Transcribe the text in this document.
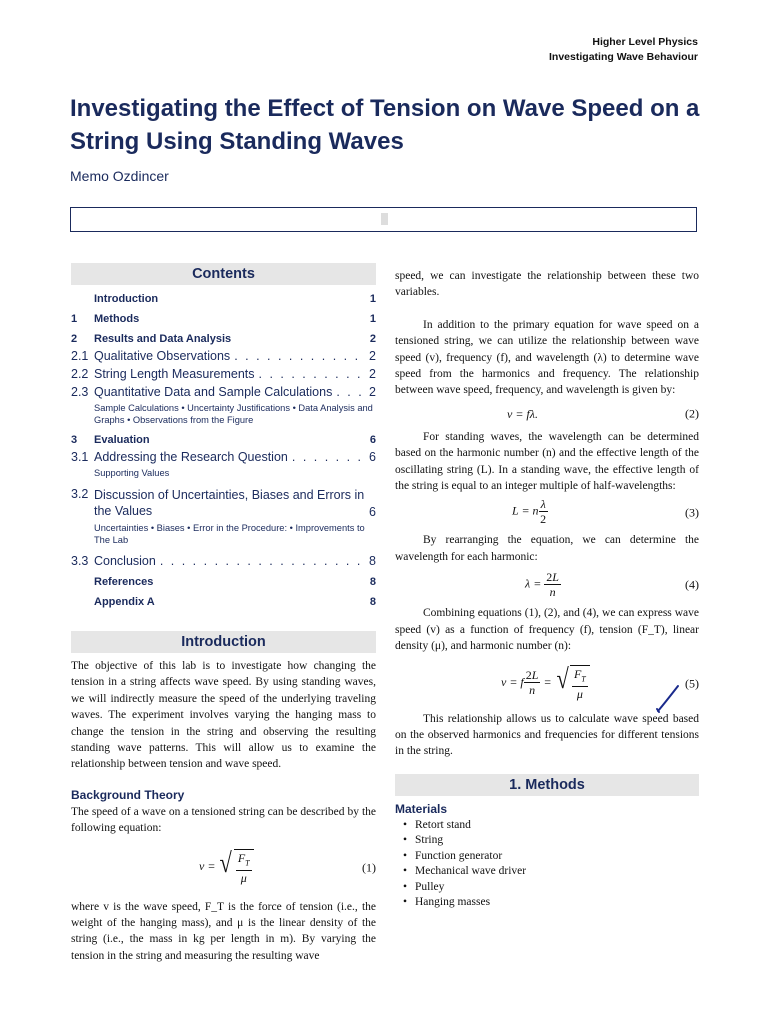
Higher Level Physics
Investigating Wave Behaviour
Investigating the Effect of Tension on Wave Speed on a String Using Standing Waves
Memo Ozdincer
Contents
Introduction	1
1	Methods	1
2	Results and Data Analysis	2
2.1 Qualitative Observations . . .	2
2.2 String Length Measurements . . .	2
2.3 Quantitative Data and Sample Calculations . . .	2
Sample Calculations • Uncertainty Justifications • Data Analysis and Graphs • Observations from the Figure
3	Evaluation	6
3.1 Addressing the Research Question . . .	6
Supporting Values
3.2 Discussion of Uncertainties, Biases and Errors in the Values	6
Uncertainties • Biases • Error in the Procedure: • Improvements to The Lab
3.3 Conclusion . . .	8
References	8
Appendix A	8
Introduction

The objective of this lab is to investigate how changing the tension in a string affects wave speed. By using standing waves, we will indirectly measure the speed of the underlying traveling waves. The experiment involves varying the hanging mass to change the tension in the string and observing the resulting standing wave patterns. This will allow us to examine the relationship between tension and wave speed.

Background Theory

The speed of a wave on a tensioned string can be described by the following equation:

v = √ $\frac{F_T}{\mu}$	(1)

where v is the wave speed, F_T is the force of tension (i.e., the weight of the hanging mass), and μ is the linear density of the string (i.e., the mass in kg per length in m). By varying the tension in the string and measuring the resulting wave

speed, we can investigate the relationship between these two variables.

In addition to the primary equation for wave speed on a tensioned string, we can utilize the relationship between wave speed (v), frequency (f), and wavelength (λ) to determine wave speed from the harmonics and frequency. The relationship between wave speed, frequency, and wavelength is given by:

v = fλ.	(2)

For standing waves, the wavelength can be determined based on the harmonic number (n) and the effective length of the oscillating string (L). In a standing wave, the effective length of the string is equal to an integer multiple of half-wavelengths:

L = n $\frac{\lambda}{2}$	(3)

By rearranging the equation, we can determine the wavelength for each harmonic:

$\lambda = \frac{2L}{n}$	(4)

Combining equations (1), (2), and (4), we can express wave speed (v) as a function of frequency (f), tension (F_T), linear density (μ), and harmonic number (n):

v = f $\frac{2L}{n}$ = √ $\frac{F_T}{\mu}$	(5)

This relationship allows us to calculate wave speed based on the observed harmonics and frequencies for different tensions in the string.

1. Methods
Materials
• Retort stand
• String
• Function generator
• Mechanical wave driver
• Pulley
• Hanging masses
